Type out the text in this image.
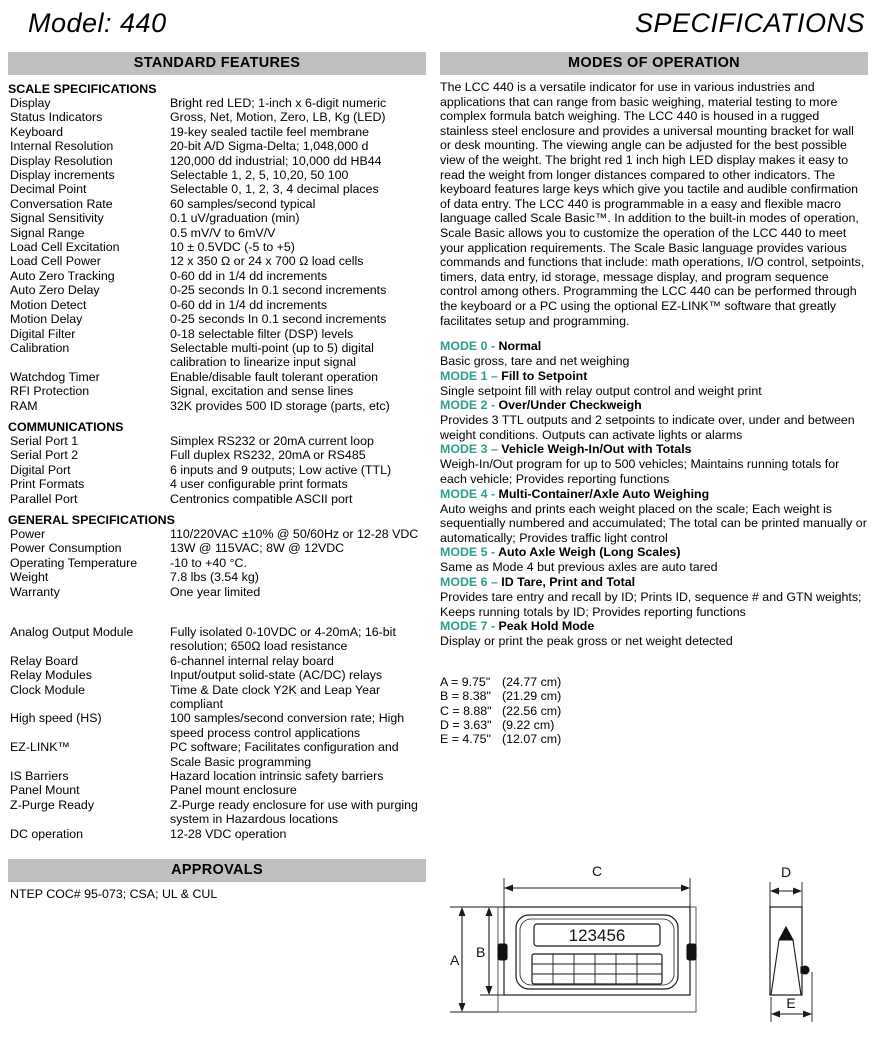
Model: 440	SPECIFICATIONS
STANDARD FEATURES
SCALE SPECIFICATIONS
Display	Bright red LED; 1-inch x 6-digit numeric
Status Indicators	Gross, Net, Motion, Zero, LB, Kg (LED)
Keyboard	19-key sealed tactile feel membrane
Internal Resolution	20-bit A/D Sigma-Delta; 1,048,000 d
Display Resolution	120,000 dd industrial; 10,000 dd HB44
Display increments	Selectable 1, 2, 5, 10,20, 50 100
Decimal Point	Selectable 0, 1, 2, 3, 4 decimal places
Conversation Rate	60 samples/second typical
Signal Sensitivity	0.1 uV/graduation (min)
Signal Range	0.5 mV/V to 6mV/V
Load Cell Excitation	10 ± 0.5VDC (-5 to +5)
Load Cell Power	12 x 350 Ω or 24 x 700 Ω load cells
Auto Zero Tracking	0-60 dd in 1/4 dd increments
Auto Zero Delay	0-25 seconds In 0.1 second increments
Motion Detect	0-60 dd in 1/4 dd increments
Motion Delay	0-25 seconds In 0.1 second increments
Digital Filter	0-18 selectable filter (DSP) levels
Calibration	Selectable multi-point (up to 5) digital calibration to linearize input signal
Watchdog Timer	Enable/disable fault tolerant operation
RFI Protection	Signal, excitation and sense lines
RAM	32K provides 500 ID storage (parts, etc)
COMMUNICATIONS
Serial Port 1	Simplex RS232 or 20mA current loop
Serial Port 2	Full duplex RS232, 20mA or RS485
Digital Port	6 inputs and 9 outputs; Low active (TTL)
Print Formats	4 user configurable print formats
Parallel Port	Centronics compatible ASCII port
GENERAL SPECIFICATIONS
Power	110/220VAC ±10% @ 50/60Hz or 12-28 VDC
Power Consumption	13W @ 115VAC; 8W @ 12VDC
Operating Temperature	-10 to +40 °C.
Weight	7.8 lbs (3.54 kg)
Warranty	One year limited
Analog Output Module	Fully isolated 0-10VDC or 4-20mA; 16-bit resolution; 650Ω load resistance
Relay Board	6-channel internal relay board
Relay Modules	Input/output solid-state (AC/DC) relays
Clock Module	Time & Date clock Y2K and Leap Year compliant
High speed (HS)	100 samples/second conversion rate; High speed process control applications
EZ-LINK™	PC software; Facilitates configuration and Scale Basic programming
IS Barriers	Hazard location intrinsic safety barriers
Panel Mount	Panel mount enclosure
Z-Purge Ready	Z-Purge ready enclosure for use with purging system in Hazardous locations
DC operation	12-28 VDC operation
APPROVALS
NTEP COC# 95-073; CSA; UL & CUL
MODES OF OPERATION
The LCC 440 is a versatile indicator for use in various industries and applications that can range from basic weighing, material testing to more complex formula batch weighing. The LCC 440 is housed in a rugged stainless steel enclosure and provides a universal mounting bracket for wall or desk mounting. The viewing angle can be adjusted for the best possible view of the weight. The bright red 1 inch high LED display makes it easy to read the weight from longer distances compared to other indicators. The keyboard features large keys which give you tactile and audible confirmation of data entry. The LCC 440 is programmable in a easy and flexible macro language called Scale Basic™. In addition to the built-in modes of operation, Scale Basic allows you to customize the operation of the LCC 440 to meet your application requirements. The Scale Basic language provides various commands and functions that include: math operations, I/O control, setpoints, timers, data entry, id storage, message display, and program sequence control among others. Programming the LCC 440 can be performed through the keyboard or a PC using the optional EZ-LINK™ software that greatly facilitates setup and programming.
MODE 0 - Normal
Basic gross, tare and net weighing
MODE 1 – Fill to Setpoint
Single setpoint fill with relay output control and weight print
MODE 2 - Over/Under Checkweigh
Provides 3 TTL outputs and 2 setpoints to indicate over, under and between weight conditions. Outputs can activate lights or alarms
MODE 3 – Vehicle Weigh-In/Out with Totals
Weigh-In/Out program for up to 500 vehicles; Maintains running totals for each vehicle; Provides reporting functions
MODE 4 - Multi-Container/Axle Auto Weighing
Auto weighs and prints each weight placed on the scale; Each weight is sequentially numbered and accumulated; The total can be printed manually or automatically; Provides traffic light control
MODE 5 - Auto Axle Weigh (Long Scales)
Same as Mode 4 but previous axles are auto tared
MODE 6 – ID Tare, Print and Total
Provides tare entry and recall by ID; Prints ID, sequence # and GTN weights; Keeps running totals by ID; Provides reporting functions
MODE 7 - Peak Hold Mode
Display or print the peak gross or net weight detected
A = 9.75" (24.77 cm)
B = 8.38" (21.29 cm)
C = 8.88" (22.56 cm)
D = 3.63" (9.22 cm)
E = 4.75" (12.07 cm)
123456
A B
C	D
E
